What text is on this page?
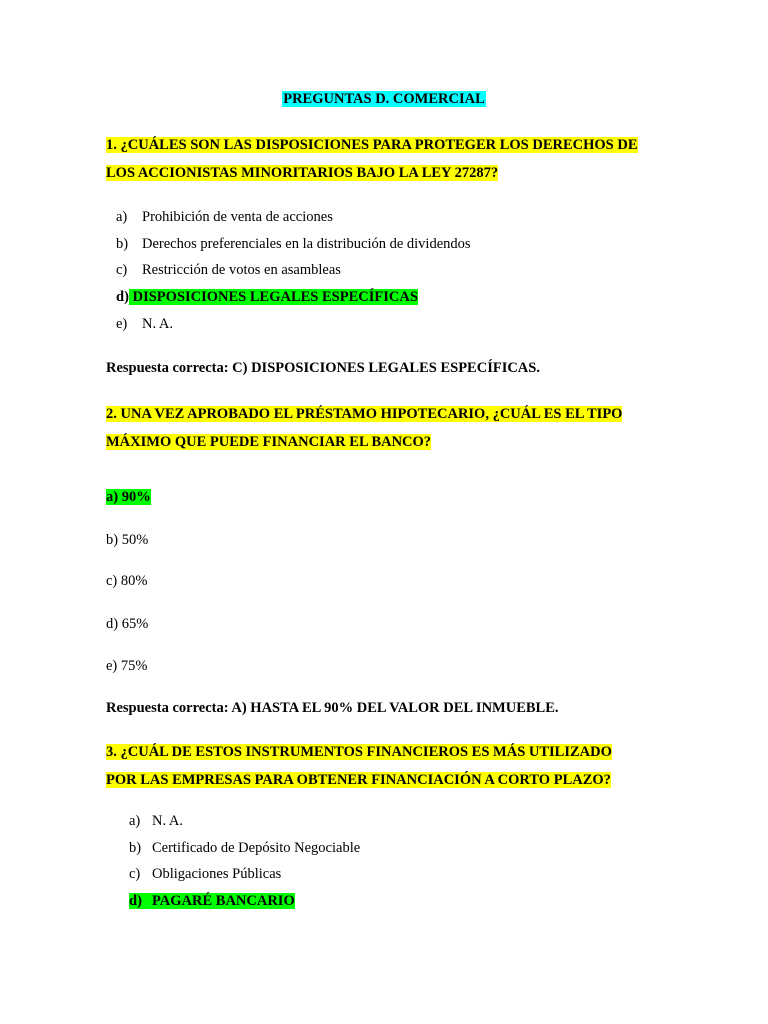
PREGUNTAS D. COMERCIAL
1. ¿CUÁLES SON LAS DISPOSICIONES PARA PROTEGER LOS DERECHOS DE
LOS ACCIONISTAS MINORITARIOS BAJO LA LEY 27287?
a) Prohibición de venta de acciones
b) Derechos preferenciales en la distribución de dividendos
c) Restricción de votos en asambleas
d) DISPOSICIONES LEGALES ESPECÍFICAS
e) N. A.
Respuesta correcta: C) DISPOSICIONES LEGALES ESPECÍFICAS.
2. UNA VEZ APROBADO EL PRÉSTAMO HIPOTECARIO, ¿CUÁL ES EL TIPO
MÁXIMO QUE PUEDE FINANCIAR EL BANCO?
a) 90%
b) 50%
c) 80%
d) 65%
e) 75%
Respuesta correcta: A) HASTA EL 90% DEL VALOR DEL INMUEBLE.
3. ¿CUÁL DE ESTOS INSTRUMENTOS FINANCIEROS ES MÁS UTILIZADO
POR LAS EMPRESAS PARA OBTENER FINANCIACIÓN A CORTO PLAZO?
a) N. A.
b) Certificado de Depósito Negociable
c) Obligaciones Públicas
d) PAGARÉ BANCARIO
